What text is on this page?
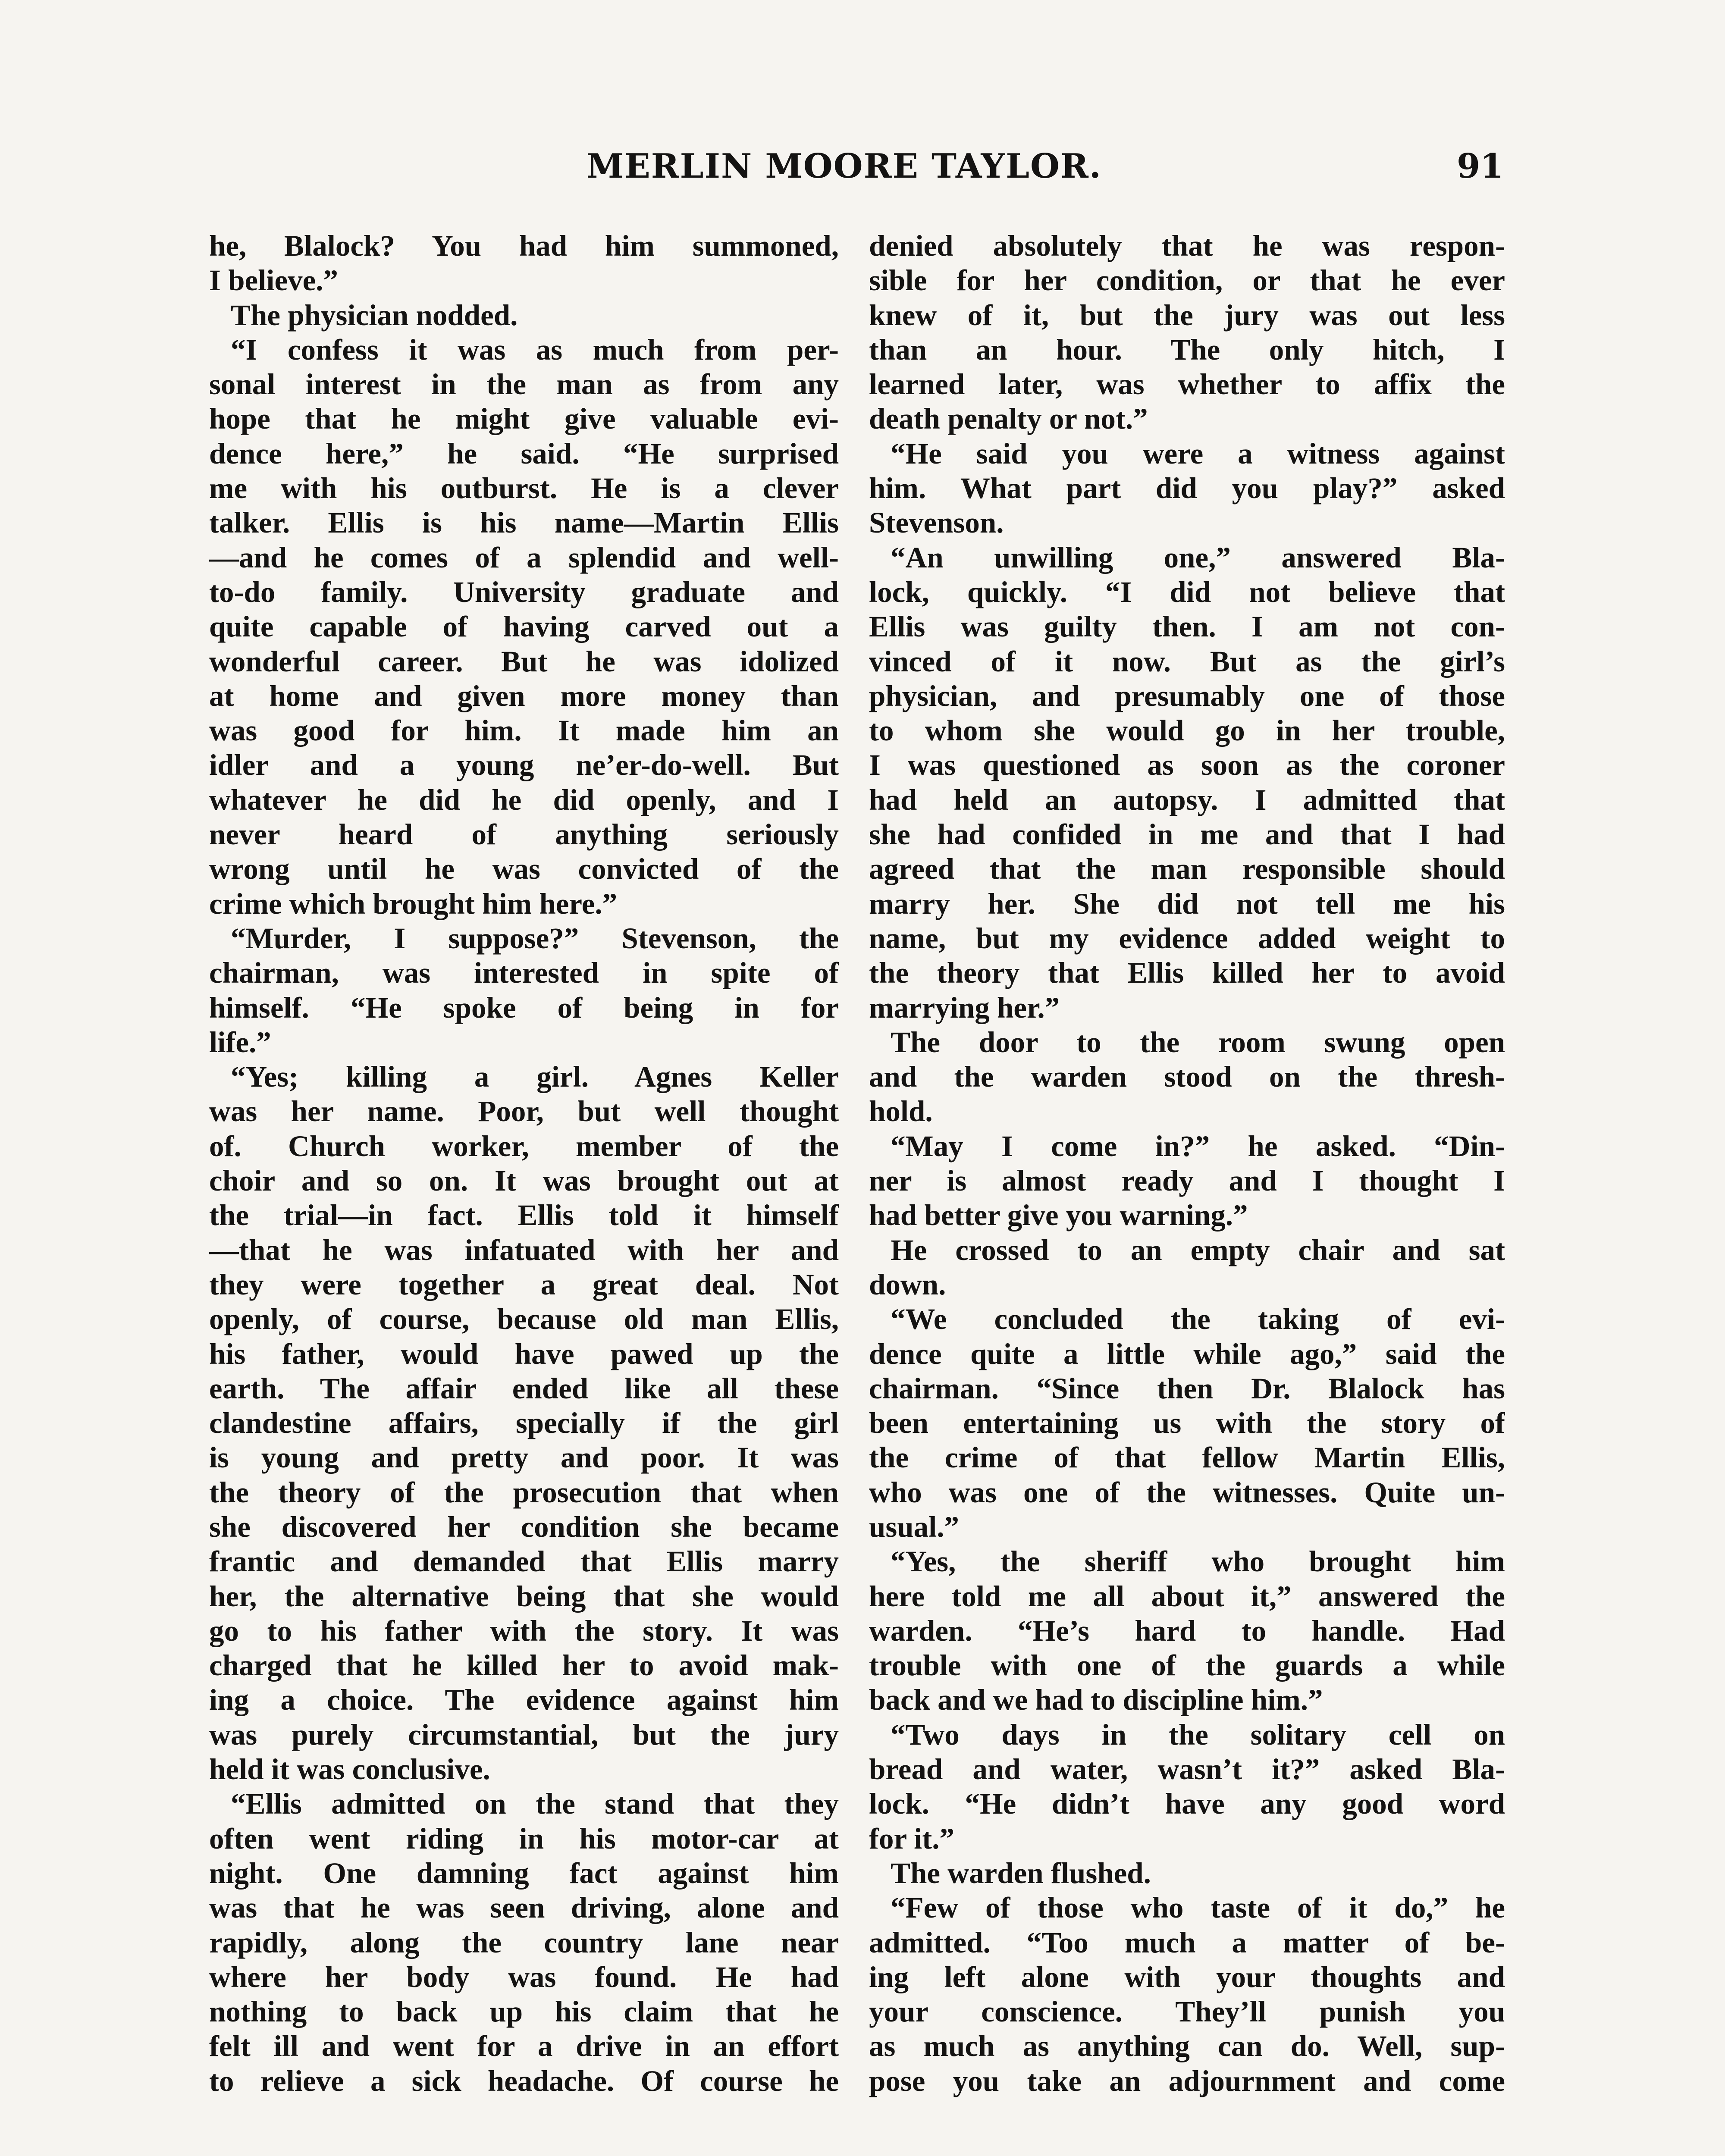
MERLIN MOORE TAYLOR.	91
he, Blalock? You had him summoned,
I believe.”
The physician nodded.
“I confess it was as much from per-
sonal interest in the man as from any
hope that he might give valuable evi-
dence here,” he said. “He surprised
me with his outburst. He is a clever
talker. Ellis is his name—Martin Ellis
—and he comes of a splendid and well-
to-do family. University graduate and
quite capable of having carved out a
wonderful career. But he was idolized
at home and given more money than
was good for him. It made him an
idler and a young ne’er-do-well. But
whatever he did he did openly, and I
never heard of anything seriously
wrong until he was convicted of the
crime which brought him here.”
“Murder, I suppose?” Stevenson, the
chairman, was interested in spite of
himself. “He spoke of being in for
life.”
“Yes; killing a girl. Agnes Keller
was her name. Poor, but well thought
of. Church worker, member of the
choir and so on. It was brought out at
the trial—in fact. Ellis told it himself
—that he was infatuated with her and
they were together a great deal. Not
openly, of course, because old man Ellis,
his father, would have pawed up the
earth. The affair ended like all these
clandestine affairs, specially if the girl
is young and pretty and poor. It was
the theory of the prosecution that when
she discovered her condition she became
frantic and demanded that Ellis marry
her, the alternative being that she would
go to his father with the story. It was
charged that he killed her to avoid mak-
ing a choice. The evidence against him
was purely circumstantial, but the jury
held it was conclusive.
“Ellis admitted on the stand that they
often went riding in his motor-car at
night. One damning fact against him
was that he was seen driving, alone and
rapidly, along the country lane near
where her body was found. He had
nothing to back up his claim that he
felt ill and went for a drive in an effort
to relieve a sick headache. Of course he
denied absolutely that he was respon-
sible for her condition, or that he ever
knew of it, but the jury was out less
than an hour. The only hitch, I
learned later, was whether to affix the
death penalty or not.”
“He said you were a witness against
him. What part did you play?” asked
Stevenson.
“An unwilling one,” answered Bla-
lock, quickly. “I did not believe that
Ellis was guilty then. I am not con-
vinced of it now. But as the girl’s
physician, and presumably one of those
to whom she would go in her trouble,
I was questioned as soon as the coroner
had held an autopsy. I admitted that
she had confided in me and that I had
agreed that the man responsible should
marry her. She did not tell me his
name, but my evidence added weight to
the theory that Ellis killed her to avoid
marrying her.”
The door to the room swung open
and the warden stood on the thresh-
hold.
“May I come in?” he asked. “Din-
ner is almost ready and I thought I
had better give you warning.”
He crossed to an empty chair and sat
down.
“We concluded the taking of evi-
dence quite a little while ago,” said the
chairman. “Since then Dr. Blalock has
been entertaining us with the story of
the crime of that fellow Martin Ellis,
who was one of the witnesses. Quite un-
usual.”
“Yes, the sheriff who brought him
here told me all about it,” answered the
warden. “He’s hard to handle. Had
trouble with one of the guards a while
back and we had to discipline him.”
“Two days in the solitary cell on
bread and water, wasn’t it?” asked Bla-
lock. “He didn’t have any good word
for it.”
The warden flushed.
“Few of those who taste of it do,” he
admitted. “Too much a matter of be-
ing left alone with your thoughts and
your conscience. They’ll punish you
as much as anything can do. Well, sup-
pose you take an adjournment and come
